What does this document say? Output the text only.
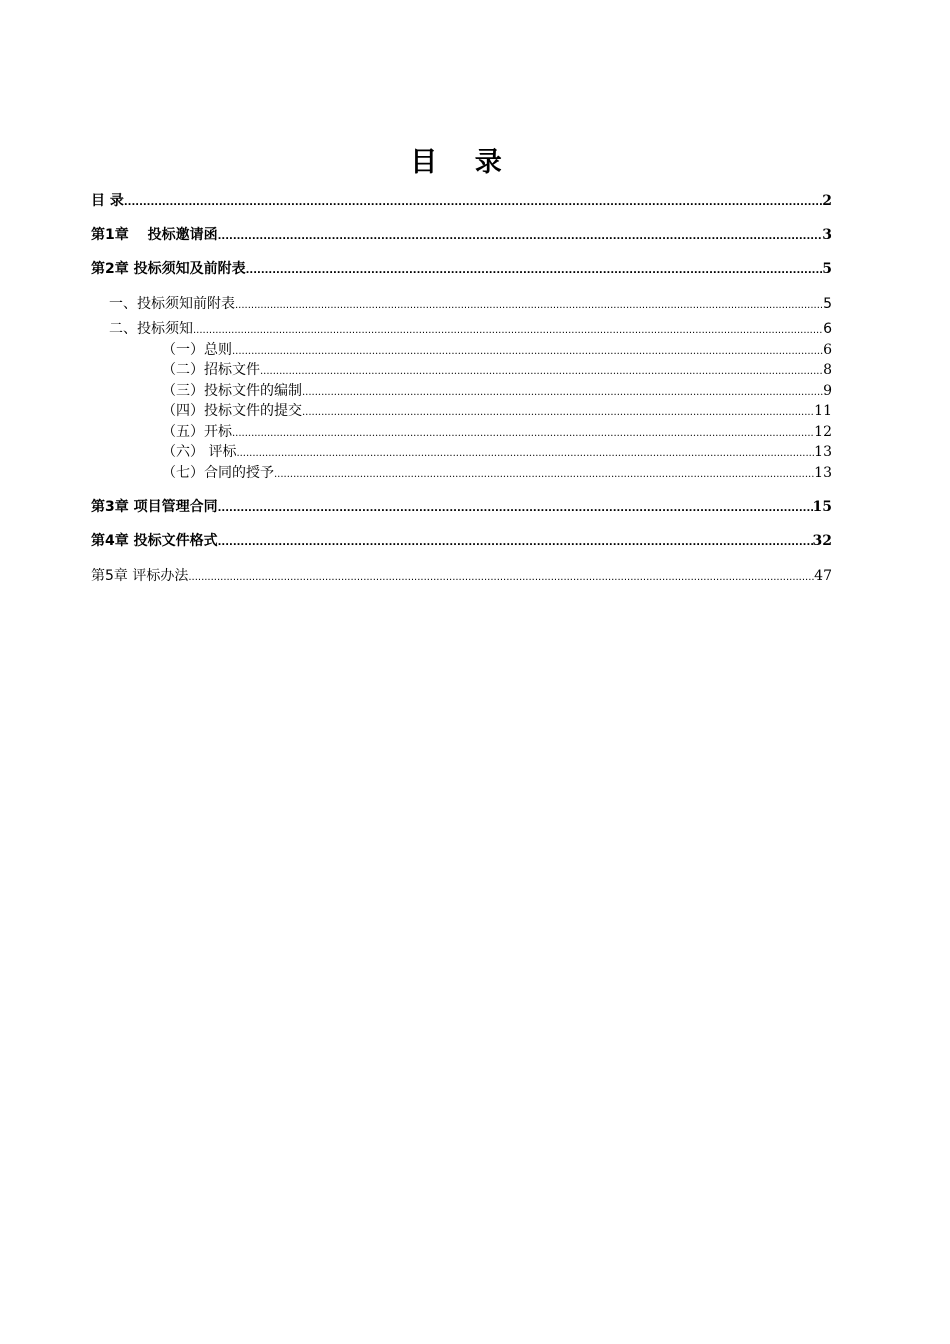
目 录
目 录 .....	2
第1章　 投标邀请函 .....	3
第2章 投标须知及前附表 .....	5
一、投标须知前附表 .....	5
二、投标须知 .....	6
（一）总则 .....	6
（二）招标文件 .....	8
（三）投标文件的编制 .....	9
（四）投标文件的提交 .....	11
（五）开标 .....	12
（六） 评标 .....	13
（七）合同的授予 .....	13
第3章 项目管理合同 .....	15
第4章 投标文件格式 .....	32
第5章 评标办法 .....	47
